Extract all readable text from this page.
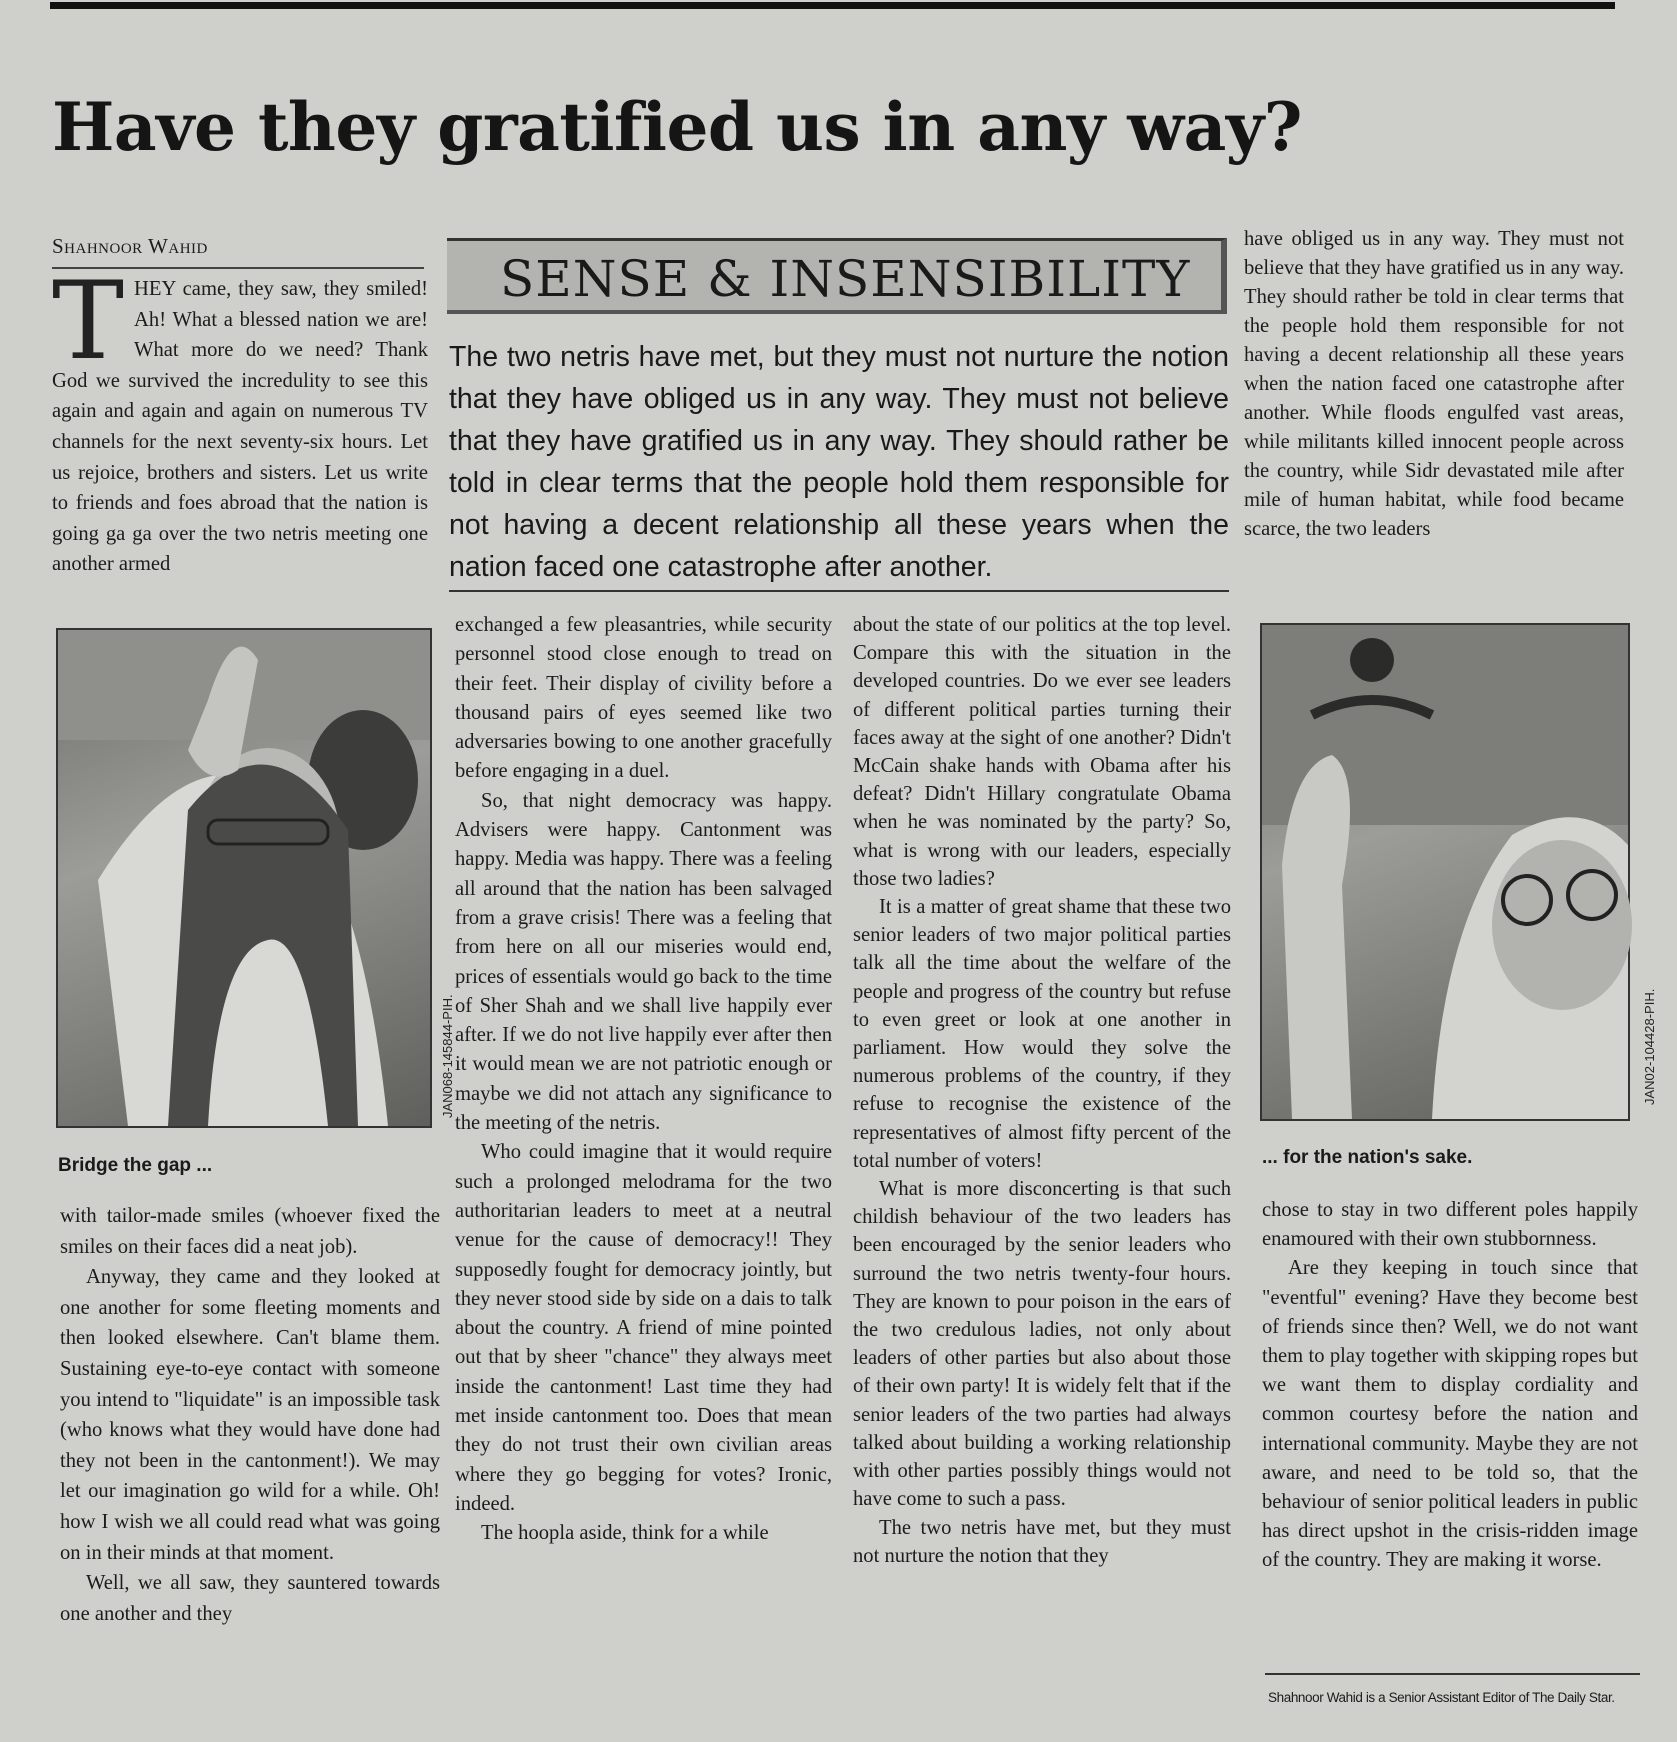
Have they gratified us in any way?
Shahnoor Wahid
T HEY came, they saw, they smiled! Ah! What a blessed nation we are! What more do we need? Thank God we survived the incredulity to see this again and again and again on numerous TV channels for the next seventy-six hours. Let us rejoice, brothers and sisters. Let us write to friends and foes abroad that the nation is going ga ga over the two netris meeting one another armed
JAN068-145844-PIH.
Bridge the gap ...
SENSE & INSENSIBILITY

The two netris have met, but they must not nurture the notion that they have obliged us in any way. They must not believe that they have gratified us in any way. They should rather be told in clear terms that the people hold them responsible for not having a decent relationship all these years when the nation faced one catastrophe after another.

with tailor-made smiles (whoever fixed the smiles on their faces did a neat job).

Anyway, they came and they looked at one another for some fleeting moments and then looked elsewhere. Can't blame them. Sustaining eye-to-eye contact with someone you intend to "liquidate" is an impossible task (who knows what they would have done had they not been in the cantonment!). We may let our imagination go wild for a while. Oh! how I wish we all could read what was going on in their minds at that moment.

Well, we all saw, they sauntered towards one another and they

exchanged a few pleasantries, while security personnel stood close enough to tread on their feet. Their display of civility before a thousand pairs of eyes seemed like two adversaries bowing to one another gracefully before engaging in a duel.

So, that night democracy was happy. Advisers were happy. Cantonment was happy. Media was happy. There was a feeling all around that the nation has been salvaged from a grave crisis! There was a feeling that from here on all our miseries would end, prices of essentials would go back to the time of Sher Shah and we shall live happily ever after. If we do not live happily ever after then it would mean we are not patriotic enough or maybe we did not attach any significance to the meeting of the netris.

Who could imagine that it would require such a prolonged melodrama for the two authoritarian leaders to meet at a neutral venue for the cause of democracy!! They supposedly fought for democracy jointly, but they never stood side by side on a dais to talk about the country. A friend of mine pointed out that by sheer "chance" they always meet inside the cantonment! Last time they had met inside cantonment too. Does that mean they do not trust their own civilian areas where they go begging for votes? Ironic, indeed.

The hoopla aside, think for a while

about the state of our politics at the top level. Compare this with the situation in the developed countries. Do we ever see leaders of different political parties turning their faces away at the sight of one another? Didn't McCain shake hands with Obama after his defeat? Didn't Hillary congratulate Obama when he was nominated by the party? So, what is wrong with our leaders, especially those two ladies?

It is a matter of great shame that these two senior leaders of two major political parties talk all the time about the welfare of the people and progress of the country but refuse to even greet or look at one another in parliament. How would they solve the numerous problems of the country, if they refuse to recognise the existence of the representatives of almost fifty percent of the total number of voters!

What is more disconcerting is that such childish behaviour of the two leaders has been encouraged by the senior leaders who surround the two netris twenty-four hours. They are known to pour poison in the ears of the two credulous ladies, not only about leaders of other parties but also about those of their own party! It is widely felt that if the senior leaders of the two parties had always talked about building a working relationship with other parties possibly things would not have come to such a pass.

The two netris have met, but they must not nurture the notion that they

have obliged us in any way. They must not believe that they have gratified us in any way. They should rather be told in clear terms that the people hold them responsible for not having a decent relationship all these years when the nation faced one catastrophe after another. While floods engulfed vast areas, while militants killed innocent people across the country, while Sidr devastated mile after mile of human habitat, while food became scarce, the two leaders

JAN02-104428-PIH.
... for the nation's sake.

chose to stay in two different poles happily enamoured with their own stubbornness.

Are they keeping in touch since that "eventful" evening? Have they become best of friends since then? Well, we do not want them to play together with skipping ropes but we want them to display cordiality and common courtesy before the nation and international community. Maybe they are not aware, and need to be told so, that the behaviour of senior political leaders in public has direct upshot in the crisis-ridden image of the country. They are making it worse.

Shahnoor Wahid is a Senior Assistant Editor of The Daily Star.
